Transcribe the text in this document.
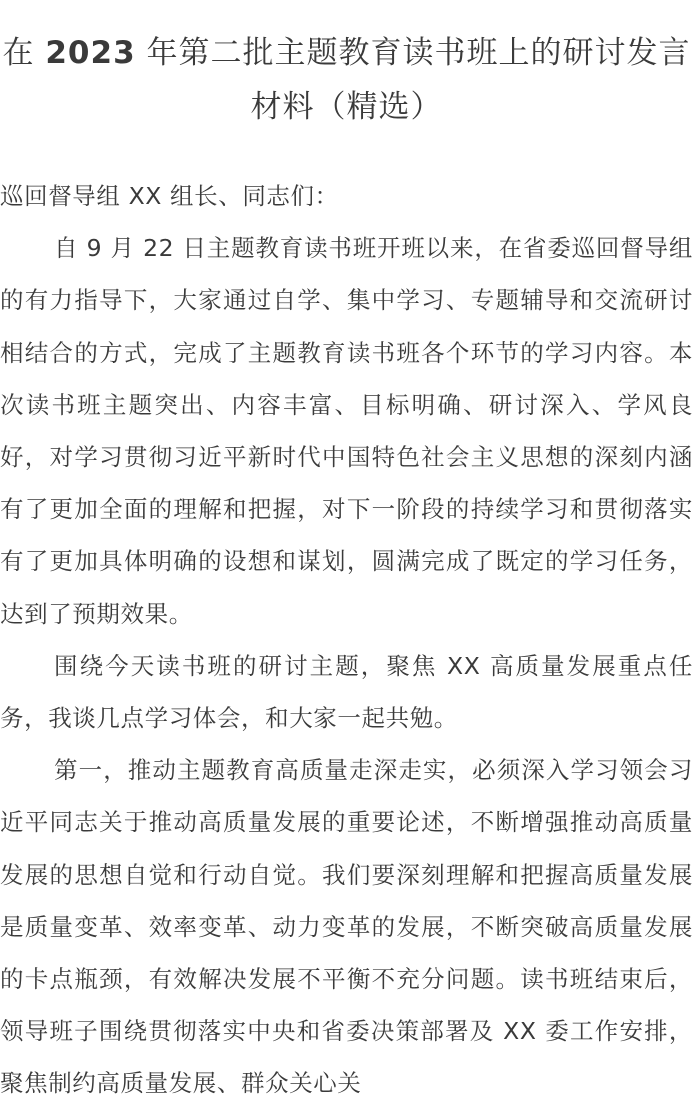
在 2023 年第二批主题教育读书班上的研讨发言材料（精选）

巡回督导组 XX 组长、同志们：

自 9 月 22 日主题教育读书班开班以来，在省委巡回督导组的有力指导下，大家通过自学、集中学习、专题辅导和交流研讨相结合的方式，完成了主题教育读书班各个环节的学习内容。本次读书班主题突出、内容丰富、目标明确、研讨深入、学风良好，对学习贯彻习近平新时代中国特色社会主义思想的深刻内涵有了更加全面的理解和把握，对下一阶段的持续学习和贯彻落实有了更加具体明确的设想和谋划，圆满完成了既定的学习任务，达到了预期效果。

围绕今天读书班的研讨主题，聚焦 XX 高质量发展重点任务，我谈几点学习体会，和大家一起共勉。

第一，推动主题教育高质量走深走实，必须深入学习领会习近平同志关于推动高质量发展的重要论述，不断增强推动高质量发展的思想自觉和行动自觉。我们要深刻理解和把握高质量发展是质量变革、效率变革、动力变革的发展，不断突破高质量发展的卡点瓶颈，有效解决发展不平衡不充分问题。读书班结束后，领导班子围绕贯彻落实中央和省委决策部署及 XX 委工作安排，聚焦制约高质量发展、群众关心关
